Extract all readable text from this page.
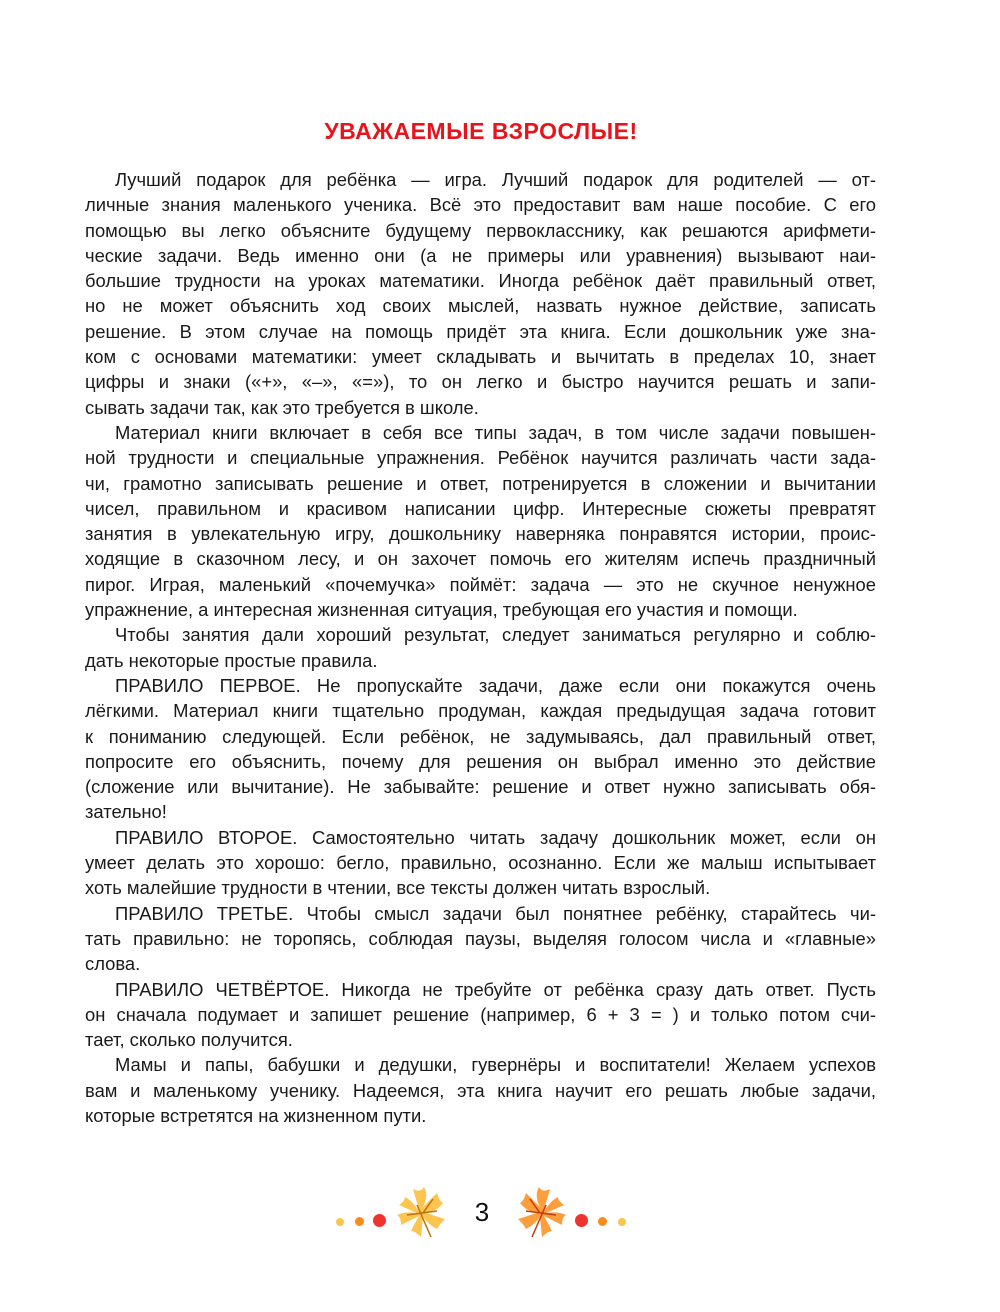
УВАЖАЕМЫЕ ВЗРОСЛЫЕ!
Лучший подарок для ребёнка — игра. Лучший подарок для родителей — от-
личные знания маленького ученика. Всё это предоставит вам наше пособие. С его
помощью вы легко объясните будущему первокласснику, как решаются арифмети-
ческие задачи. Ведь именно они (а не примеры или уравнения) вызывают наи-
большие трудности на уроках математики. Иногда ребёнок даёт правильный ответ,
но не может объяснить ход своих мыслей, назвать нужное действие, записать
решение. В этом случае на помощь придёт эта книга. Если дошкольник уже зна-
ком с основами математики: умеет складывать и вычитать в пределах 10, знает
цифры и знаки («+», «–», «=»), то он легко и быстро научится решать и запи-
сывать задачи так, как это требуется в школе.
Материал книги включает в себя все типы задач, в том числе задачи повышен-
ной трудности и специальные упражнения. Ребёнок научится различать части зада-
чи, грамотно записывать решение и ответ, потренируется в сложении и вычитании
чисел, правильном и красивом написании цифр. Интересные сюжеты превратят
занятия в увлекательную игру, дошкольнику наверняка понравятся истории, проис-
ходящие в сказочном лесу, и он захочет помочь его жителям испечь праздничный
пирог. Играя, маленький «почемучка» поймёт: задача — это не скучное ненужное
упражнение, а интересная жизненная ситуация, требующая его участия и помощи.
Чтобы занятия дали хороший результат, следует заниматься регулярно и соблю-
дать некоторые простые правила.
ПРАВИЛО ПЕРВОЕ. Не пропускайте задачи, даже если они покажутся очень
лёгкими. Материал книги тщательно продуман, каждая предыдущая задача готовит
к пониманию следующей. Если ребёнок, не задумываясь, дал правильный ответ,
попросите его объяснить, почему для решения он выбрал именно это действие
(сложение или вычитание). Не забывайте: решение и ответ нужно записывать обя-
зательно!
ПРАВИЛО ВТОРОЕ. Самостоятельно читать задачу дошкольник может, если он
умеет делать это хорошо: бегло, правильно, осознанно. Если же малыш испытывает
хоть малейшие трудности в чтении, все тексты должен читать взрослый.
ПРАВИЛО ТРЕТЬЕ. Чтобы смысл задачи был понятнее ребёнку, старайтесь чи-
тать правильно: не торопясь, соблюдая паузы, выделяя голосом числа и «главные»
слова.
ПРАВИЛО ЧЕТВЁРТОЕ. Никогда не требуйте от ребёнка сразу дать ответ. Пусть
он сначала подумает и запишет решение (например, 6 + 3 = ) и только потом счи-
тает, сколько получится.
Мамы и папы, бабушки и дедушки, гувернёры и воспитатели! Желаем успехов
вам и маленькому ученику. Надеемся, эта книга научит его решать любые задачи,
которые встретятся на жизненном пути.
3
